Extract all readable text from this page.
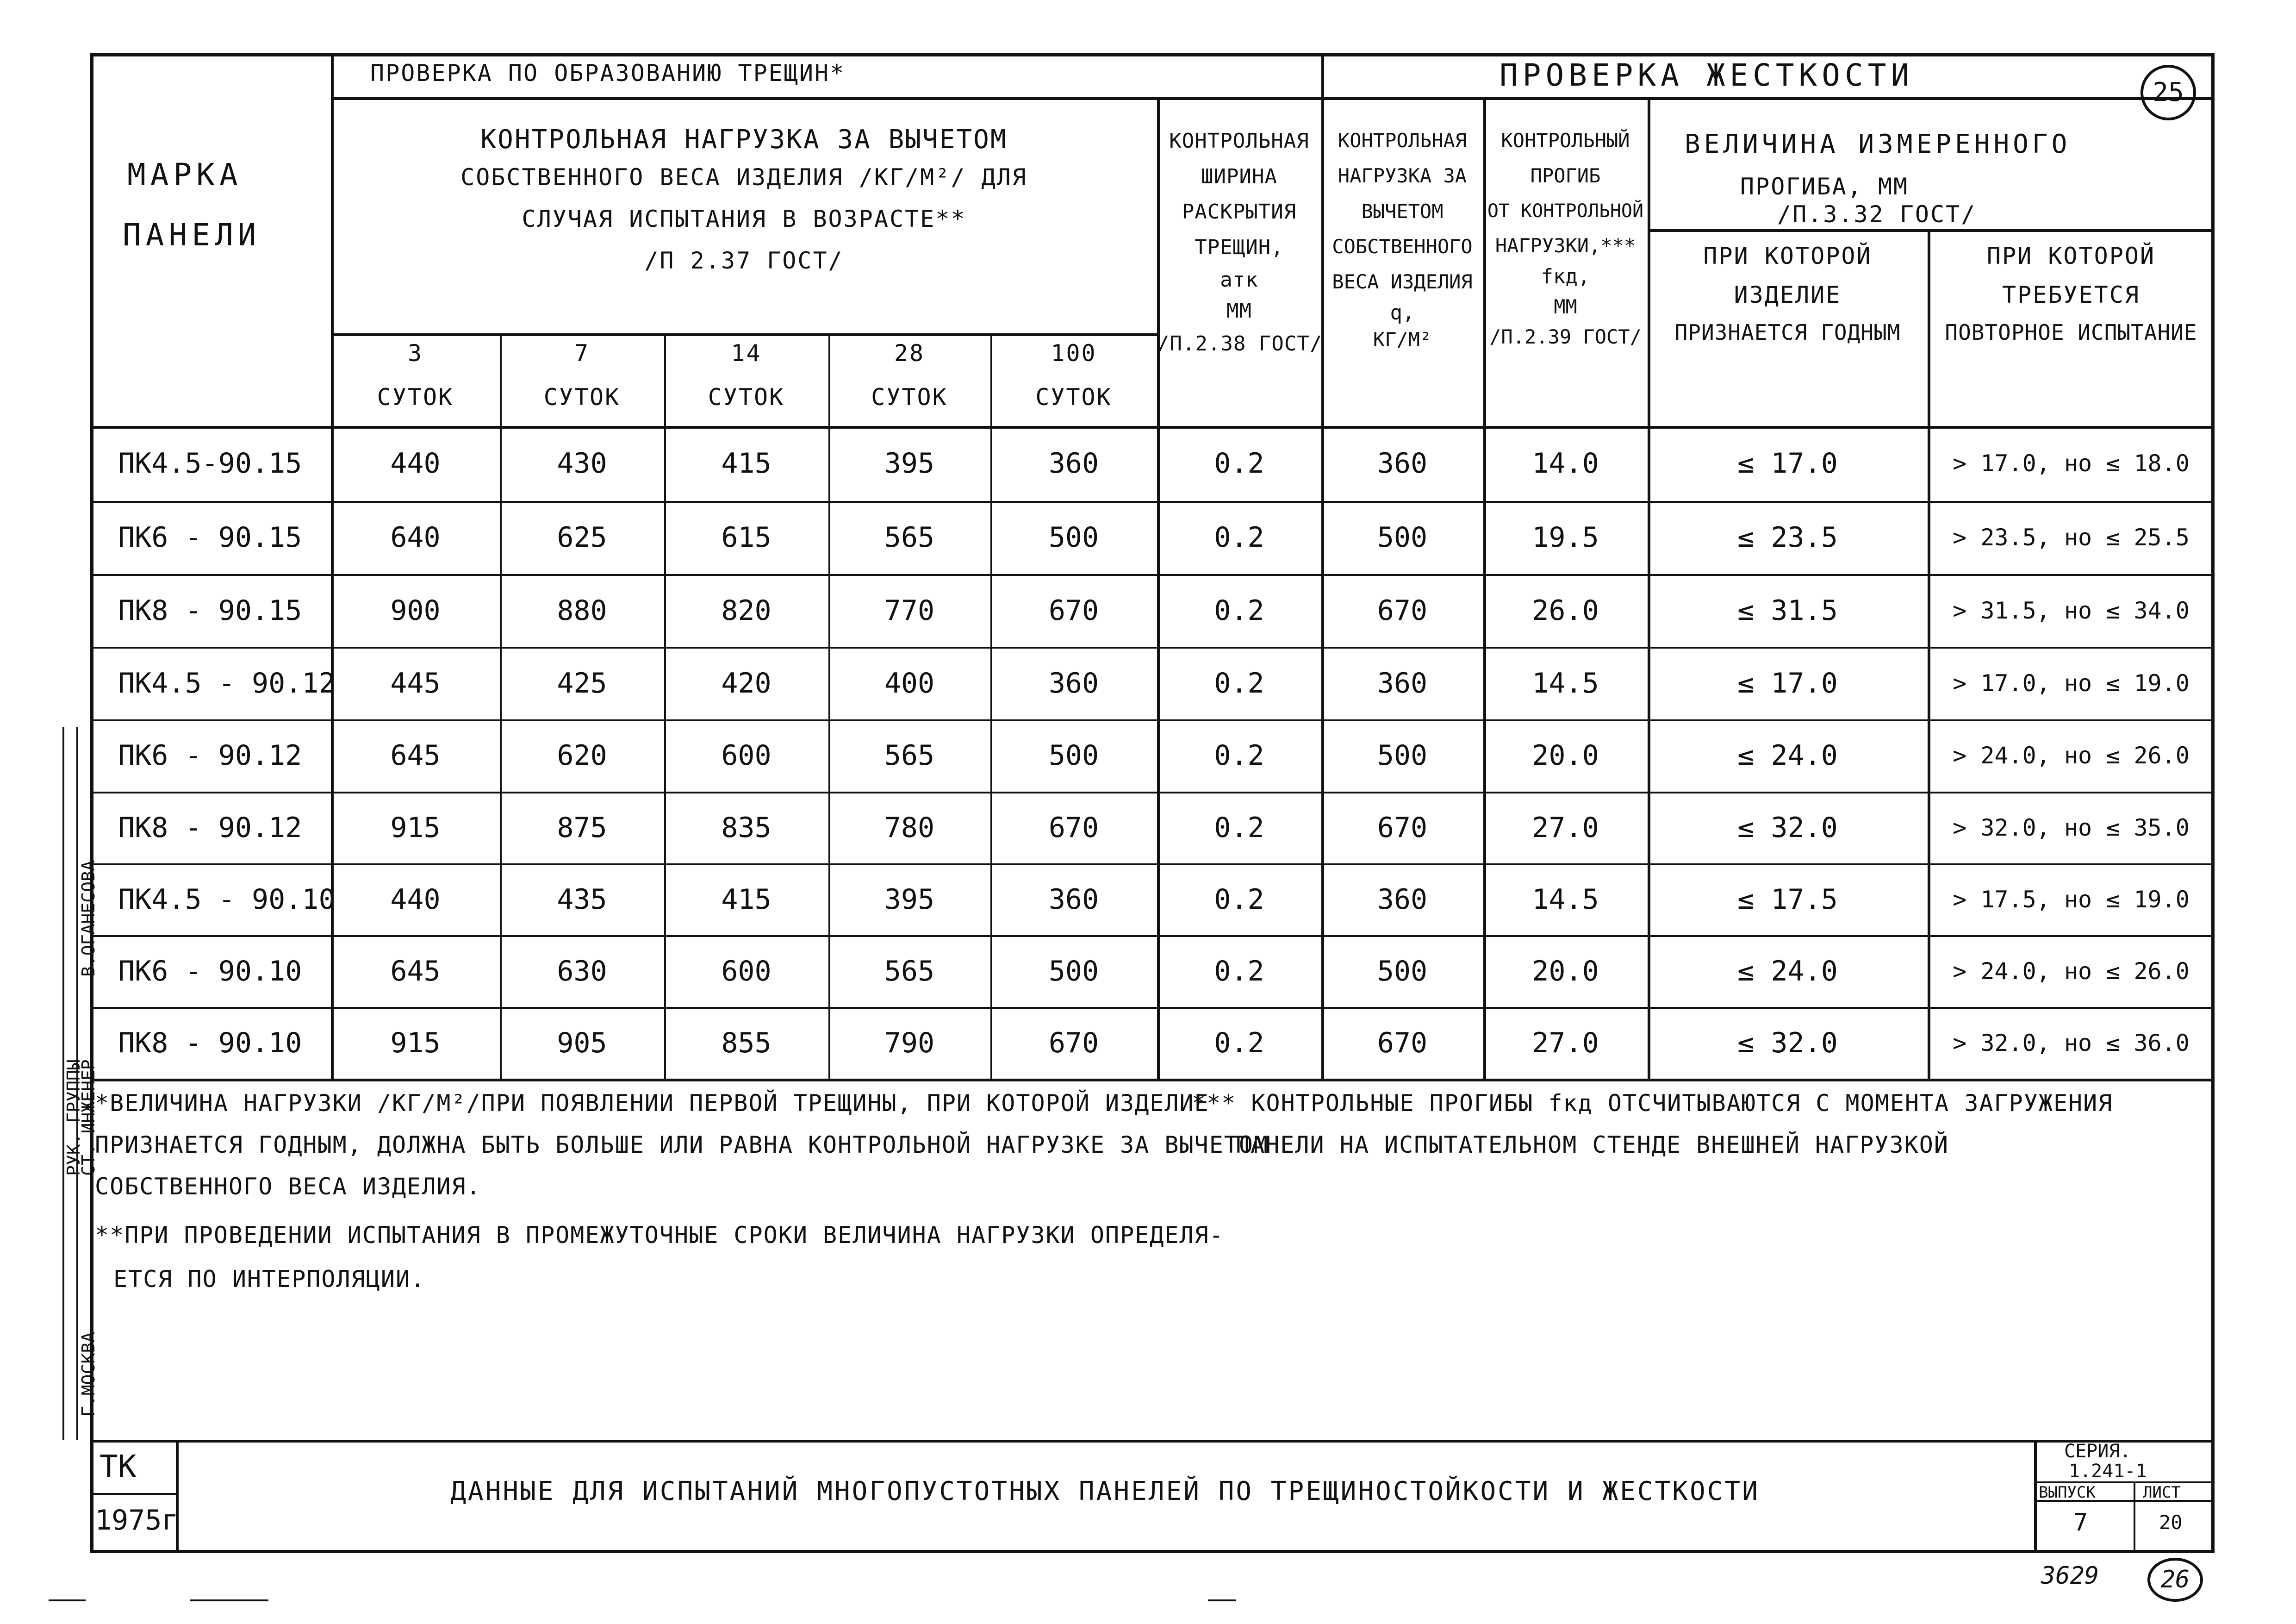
ПРОВЕРКА ПО ОБРАЗОВАНИЮ ТРЕЩИН*	ПРОВЕРКА ЖЕСТКОСТИ	25
МАРКА
ПАНЕЛИ
КОНТРОЛЬНАЯ НАГРУЗКА ЗА ВЫЧЕТОМ
СОБСТВЕННОГО ВЕСА ИЗДЕЛИЯ /КГ/М²/ ДЛЯ
СЛУЧАЯ ИСПЫТАНИЯ В ВОЗРАСТЕ**
/П 2.37 ГОСТ/
3
СУТОК
7
СУТОК
14
СУТОК
28
СУТОК
100
СУТОК
КОНТРОЛЬНАЯ
ШИРИНА
РАСКРЫТИЯ
ТРЕЩИН,
aтк
ММ
/П.2.38 ГОСТ/
КОНТРОЛЬНАЯ
НАГРУЗКА ЗА
ВЫЧЕТОМ
СОБСТВЕННОГО
ВЕСА ИЗДЕЛИЯ
q,
КГ/М²
КОНТРОЛЬНЫЙ
ПРОГИБ
ОТ КОНТРОЛЬНОЙ
НАГРУЗКИ,***
fкд,
ММ
/П.2.39 ГОСТ/
ВЕЛИЧИНА ИЗМЕРЕННОГО
ПРОГИБА, ММ
/П.3.32 ГОСТ/
ПРИ КОТОРОЙ
ИЗДЕЛИЕ
ПРИЗНАЕТСЯ ГОДНЫМ
ПРИ КОТОРОЙ
ТРЕБУЕТСЯ
ПОВТОРНОЕ ИСПЫТАНИЕ
ПК4.5-90.15	440	430	415	395	360	0.2	360	14.0	≤ 17.0	> 17.0, но ≤ 18.0
ПК6 - 90.15	640	625	615	565	500	0.2	500	19.5	≤ 23.5	> 23.5, но ≤ 25.5
ПК8 - 90.15	900	880	820	770	670	0.2	670	26.0	≤ 31.5	> 31.5, но ≤ 34.0
ПК4.5 - 90.12	445	425	420	400	360	0.2	360	14.5	≤ 17.0	> 17.0, но ≤ 19.0
ПК6 - 90.12	645	620	600	565	500	0.2	500	20.0	≤ 24.0	> 24.0, но ≤ 26.0
ПК8 - 90.12	915	875	835	780	670	0.2	670	27.0	≤ 32.0	> 32.0, но ≤ 35.0
ПК4.5 - 90.10	440	435	415	395	360	0.2	360	14.5	≤ 17.5	> 17.5, но ≤ 19.0
ПК6 - 90.10	645	630	600	565	500	0.2	500	20.0	≤ 24.0	> 24.0, но ≤ 26.0
ПК8 - 90.10	915	905	855	790	670	0.2	670	27.0	≤ 32.0	> 32.0, но ≤ 36.0
*ВЕЛИЧИНА НАГРУЗКИ /КГ/М²/ПРИ ПОЯВЛЕНИИ ПЕРВОЙ ТРЕЩИНЫ, ПРИ КОТОРОЙ ИЗДЕЛИЕ
ПРИЗНАЕТСЯ ГОДНЫМ, ДОЛЖНА БЫТЬ БОЛЬШЕ ИЛИ РАВНА КОНТРОЛЬНОЙ НАГРУЗКЕ ЗА ВЫЧЕТОМ
СОБСТВЕННОГО ВЕСА ИЗДЕЛИЯ.
**ПРИ ПРОВЕДЕНИИ ИСПЫТАНИЯ В ПРОМЕЖУТОЧНЫЕ СРОКИ ВЕЛИЧИНА НАГРУЗКИ ОПРЕДЕЛЯ-
ЕТСЯ ПО ИНТЕРПОЛЯЦИИ.
*** КОНТРОЛЬНЫЕ ПРОГИБЫ fкд ОТСЧИТЫВАЮТСЯ С МОМЕНТА ЗАГРУЖЕНИЯ
ПАНЕЛИ НА ИСПЫТАТЕЛЬНОМ СТЕНДЕ ВНЕШНЕЙ НАГРУЗКОЙ
ТК
1975г
ДАННЫЕ ДЛЯ ИСПЫТАНИЙ МНОГОПУСТОТНЫХ ПАНЕЛЕЙ ПО ТРЕЩИНОСТОЙКОСТИ И ЖЕСТКОСТИ
СЕРИЯ.
1.241-1
ВЫПУСК	ЛИСТ
7	20
3629	26
РУК. ГРУППЫ
СТ. ИНЖЕНЕР
В.ОГАНЕСОВА
Г.МОСКВА
